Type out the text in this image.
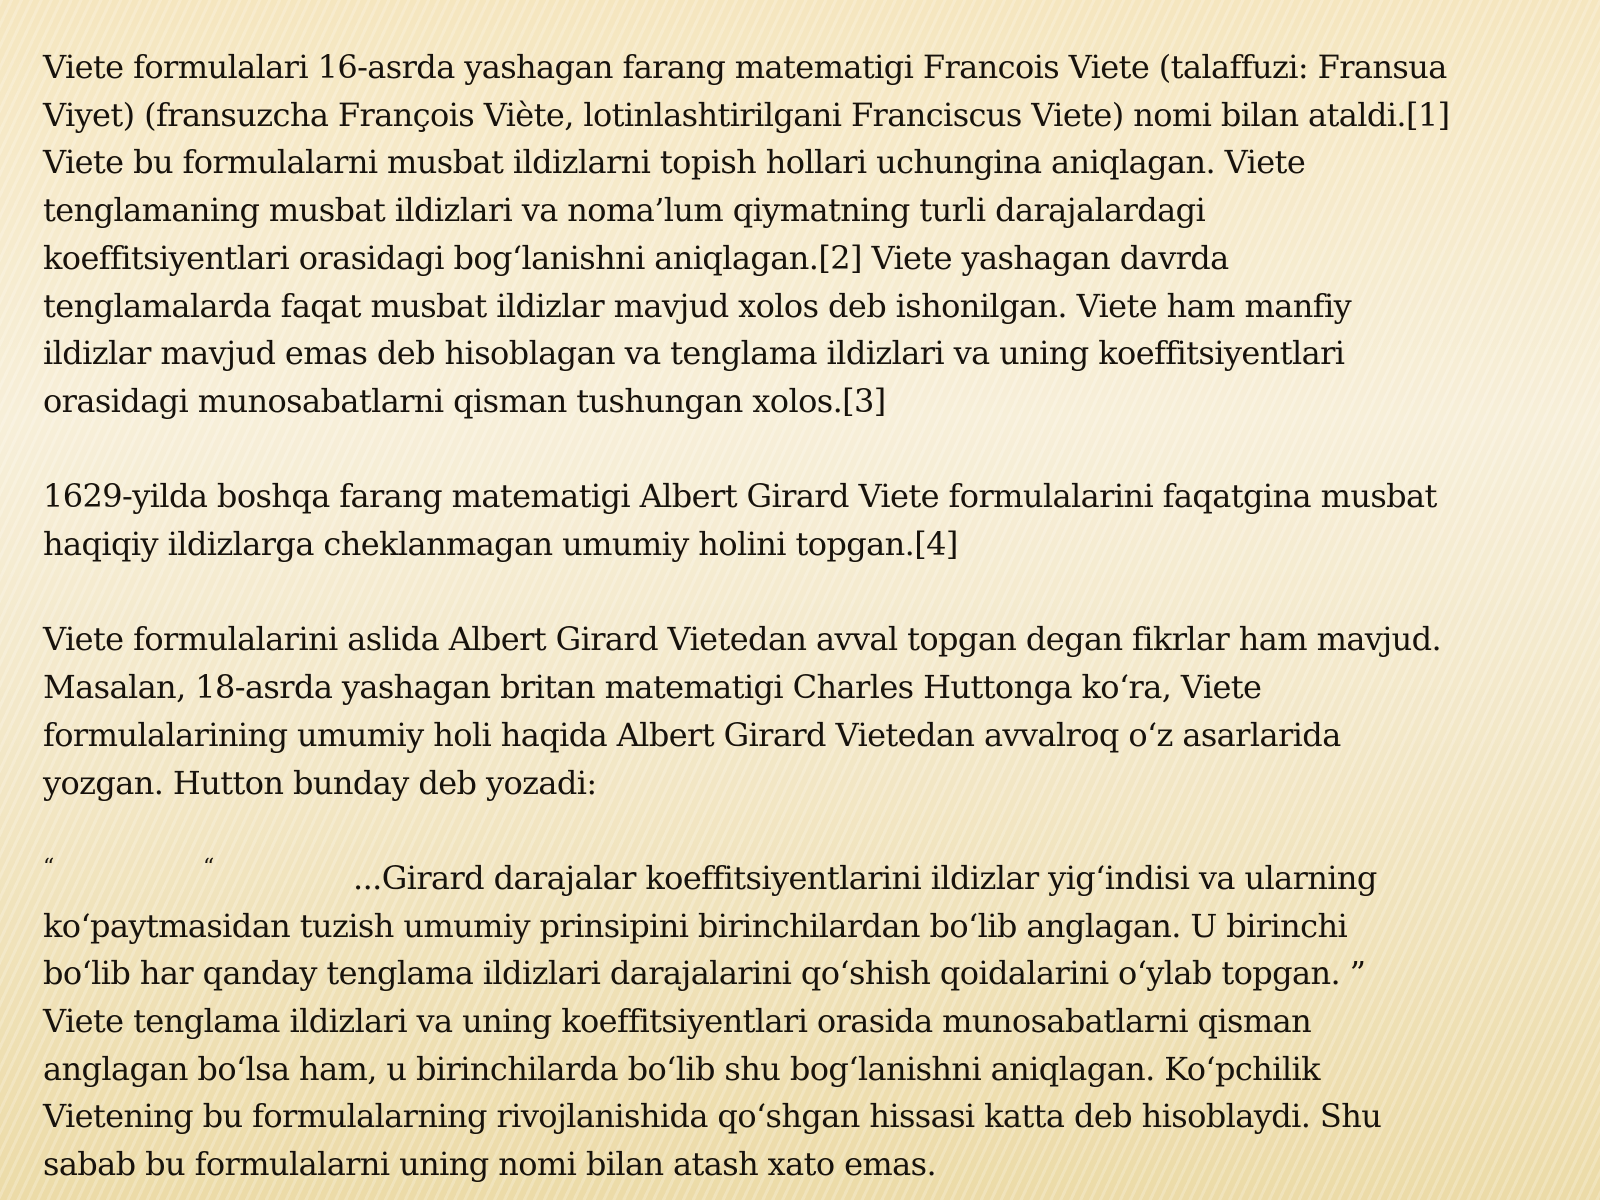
Viete formulalari 16-asrda yashagan farang matematigi Francois Viete (talaffuzi: Fransua
Viyet) (fransuzcha François Viète, lotinlashtirilgani Franciscus Viete) nomi bilan ataldi.[1]
Viete bu formulalarni musbat ildizlarni topish hollari uchungina aniqlagan. Viete
tenglamaning musbat ildizlari va noma’lum qiymatning turli darajalardagi
koeffitsiyentlari orasidagi bogʻlanishni aniqlagan.[2] Viete yashagan davrda
tenglamalarda faqat musbat ildizlar mavjud xolos deb ishonilgan. Viete ham manfiy
ildizlar mavjud emas deb hisoblagan va tenglama ildizlari va uning koeffitsiyentlari
orasidagi munosabatlarni qisman tushungan xolos.[3]

1629-yilda boshqa farang matematigi Albert Girard Viete formulalarini faqatgina musbat
haqiqiy ildizlarga cheklanmagan umumiy holini topgan.[4]

Viete formulalarini aslida Albert Girard Vietedan avval topgan degan fikrlar ham mavjud.
Masalan, 18-asrda yashagan britan matematigi Charles Huttonga koʻra, Viete
formulalarining umumiy holi haqida Albert Girard Vietedan avvalroq oʻz asarlarida
yozgan. Hutton bunday deb yozadi:

“	“	...Girard darajalar koeffitsiyentlarini ildizlar yigʻindisi va ularning
koʻpaytmasidan tuzish umumiy prinsipini birinchilardan boʻlib anglagan. U birinchi
boʻlib har qanday tenglama ildizlari darajalarini qoʻshish qoidalarini oʻylab topgan. ”

Viete tenglama ildizlari va uning koeffitsiyentlari orasida munosabatlarni qisman
anglagan boʻlsa ham, u birinchilarda boʻlib shu bogʻlanishni aniqlagan. Koʻpchilik
Vietening bu formulalarning rivojlanishida qoʻshgan hissasi katta deb hisoblaydi. Shu
sabab bu formulalarni uning nomi bilan atash xato emas.
